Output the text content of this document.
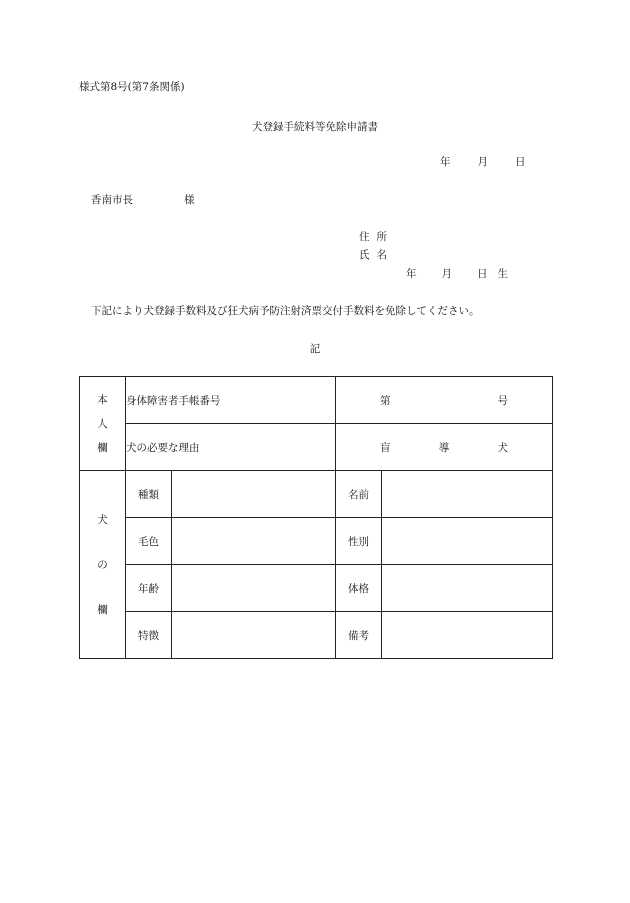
様式第8号(第7条関係)
犬登録手続料等免除申請書
年	月	日
香南市長	様
住 所
氏 名
年 月 日 生
下記により犬登録手数料及び狂犬病予防注射済票交付手数料を免除してください。
記
本
人
欄	身体障害者手帳番号		第 号	

	犬の必要な理由		盲 導 犬	

犬
の
欄	種類		名前	
	毛色		性別	
	年齢		体格	
	特徴		備考	
